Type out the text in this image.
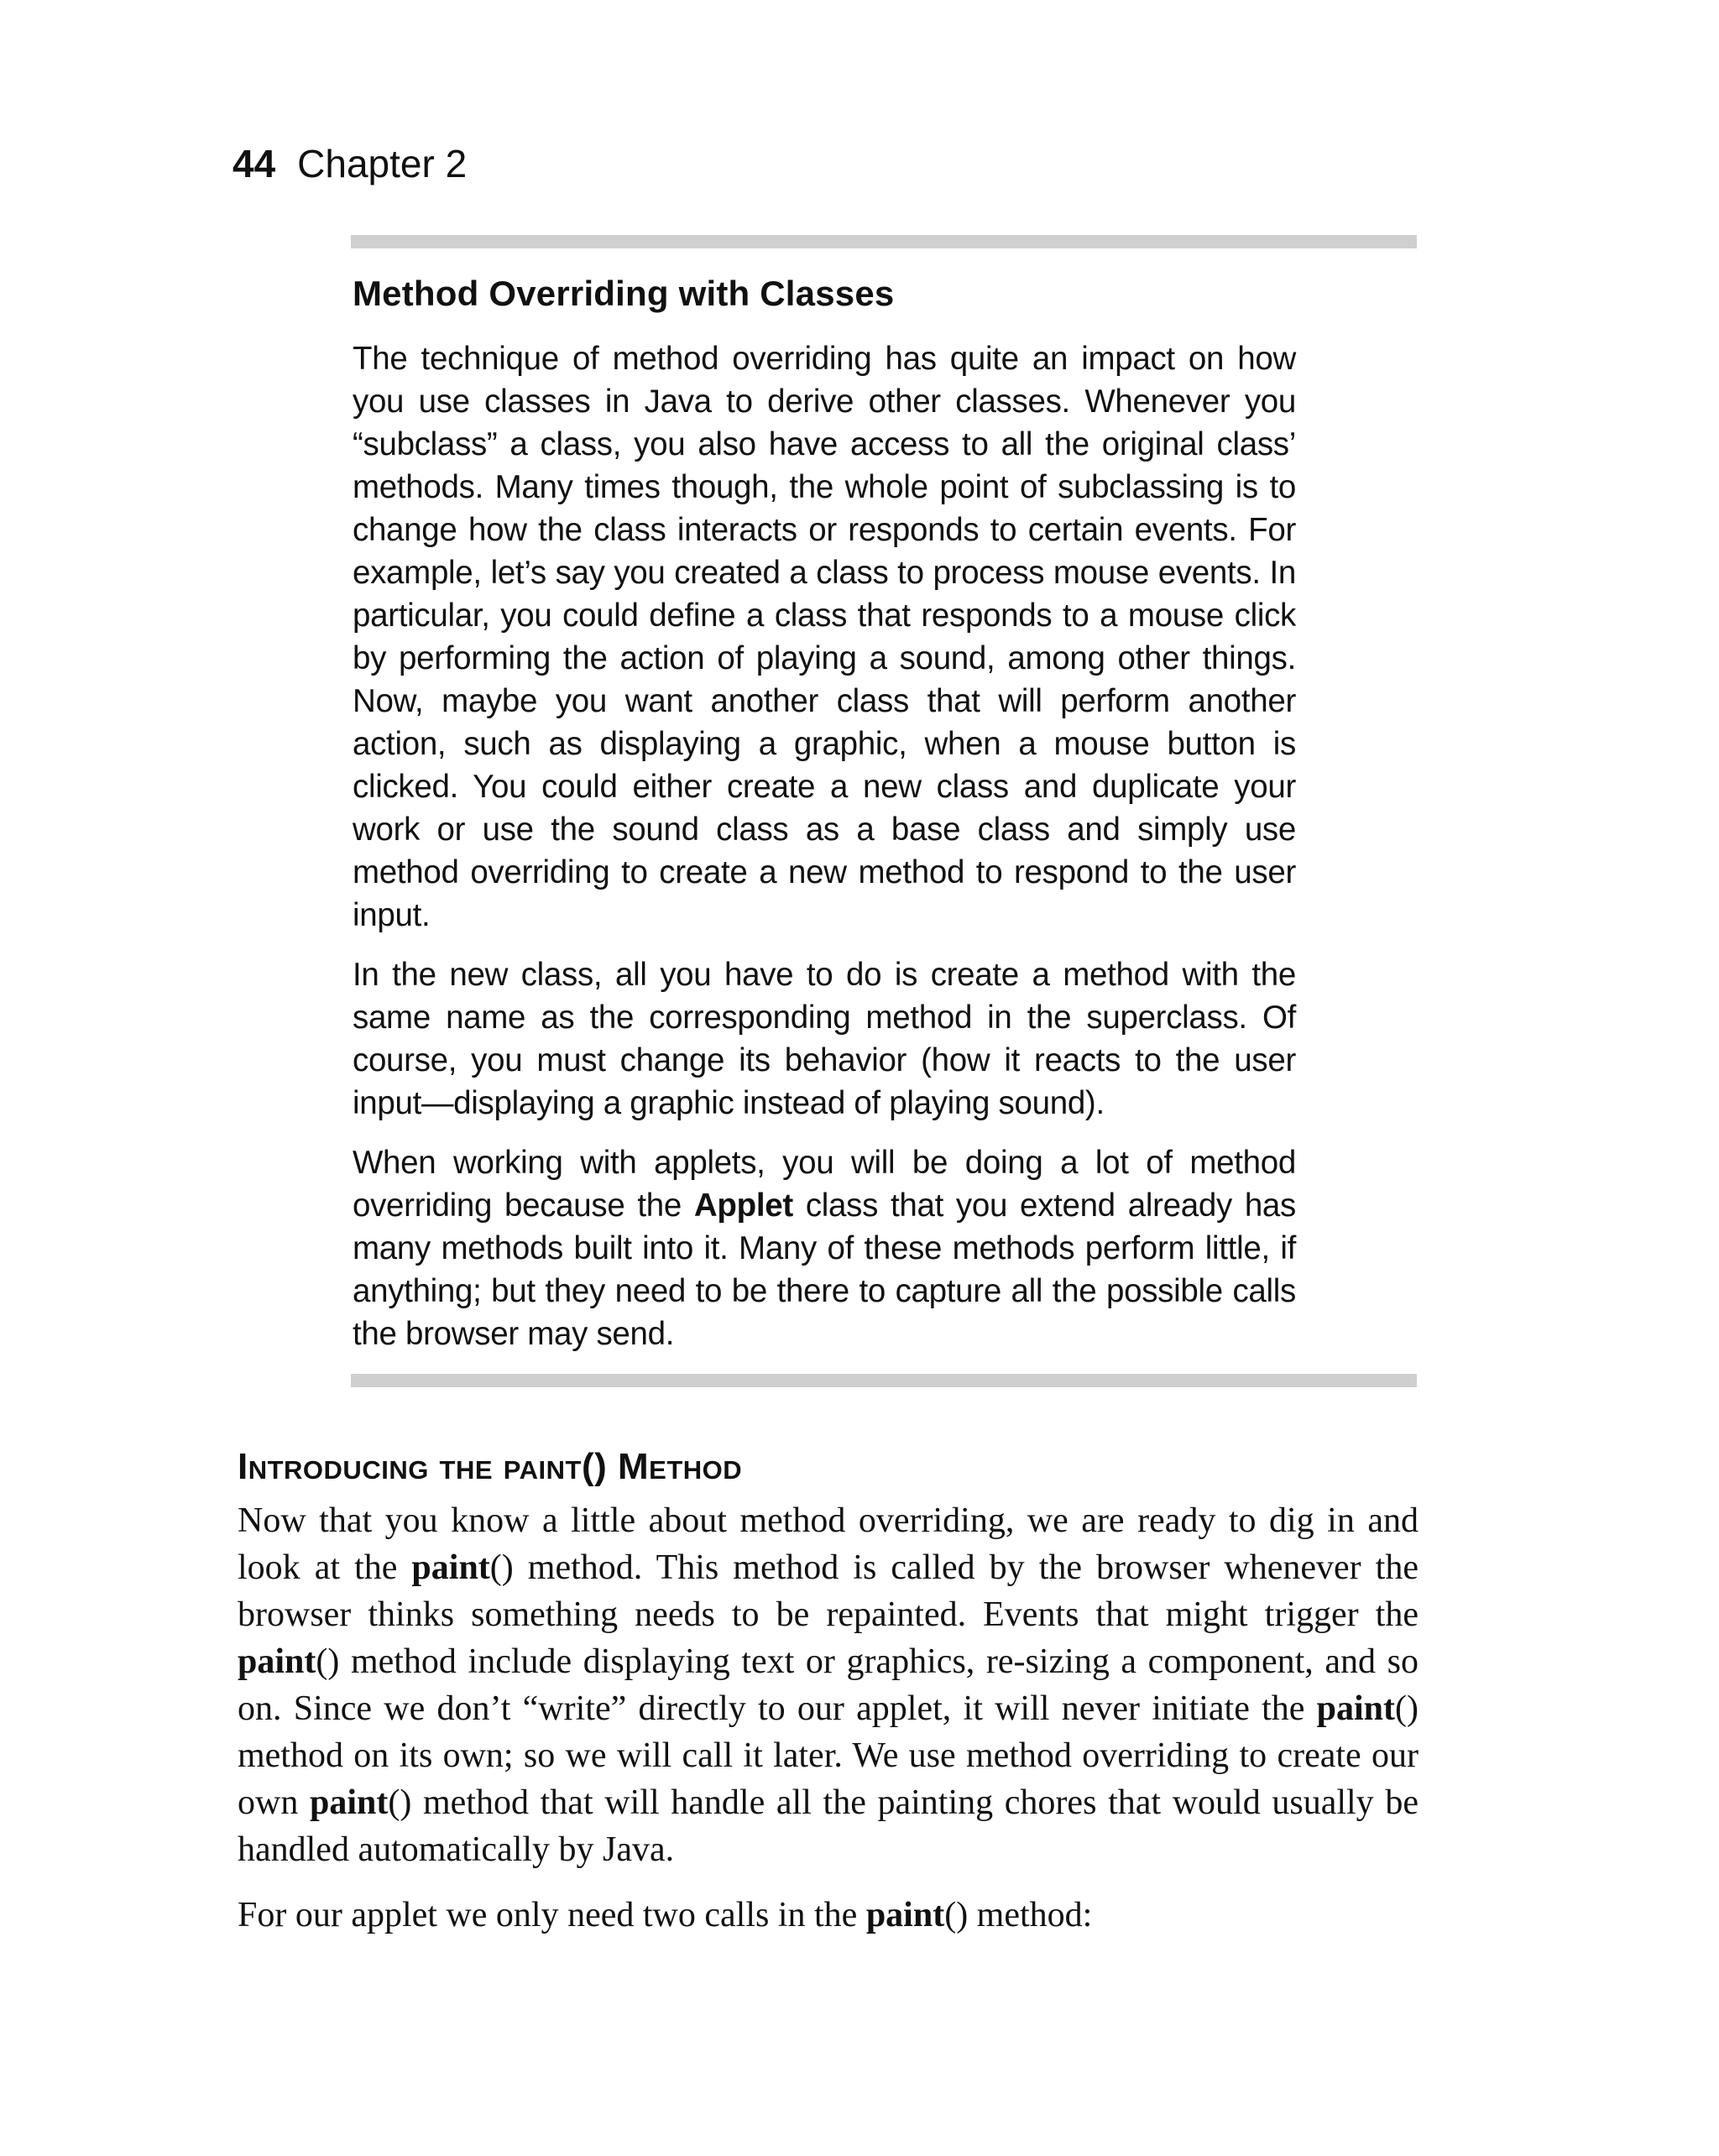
44 Chapter 2
Method Overriding with Classes

The technique of method overriding has quite an impact on how you use classes in Java to derive other classes. Whenever you “subclass” a class, you also have access to all the original class’ methods. Many times though, the whole point of subclassing is to change how the class interacts or responds to certain events. For example, let’s say you created a class to process mouse events. In particular, you could define a class that responds to a mouse click by performing the action of playing a sound, among other things. Now, maybe you want another class that will perform another action, such as displaying a graphic, when a mouse button is clicked. You could either create a new class and duplicate your work or use the sound class as a base class and simply use method overriding to create a new method to respond to the user input.

In the new class, all you have to do is create a method with the same name as the corresponding method in the superclass. Of course, you must change its behavior (how it reacts to the user input—displaying a graphic instead of playing sound).

When working with applets, you will be doing a lot of method overriding because the Applet class that you extend already has many methods built into it. Many of these methods perform little, if anything; but they need to be there to capture all the possible calls the browser may send.

Introducing the paint() Method

Now that you know a little about method overriding, we are ready to dig in and look at the paint() method. This method is called by the browser whenever the browser thinks something needs to be repainted. Events that might trigger the paint() method include displaying text or graphics, re-sizing a component, and so on. Since we don’t “write” directly to our applet, it will never initiate the paint() method on its own; so we will call it later. We use method overriding to create our own paint() method that will handle all the painting chores that would usually be handled automatically by Java.

For our applet we only need two calls in the paint() method:
